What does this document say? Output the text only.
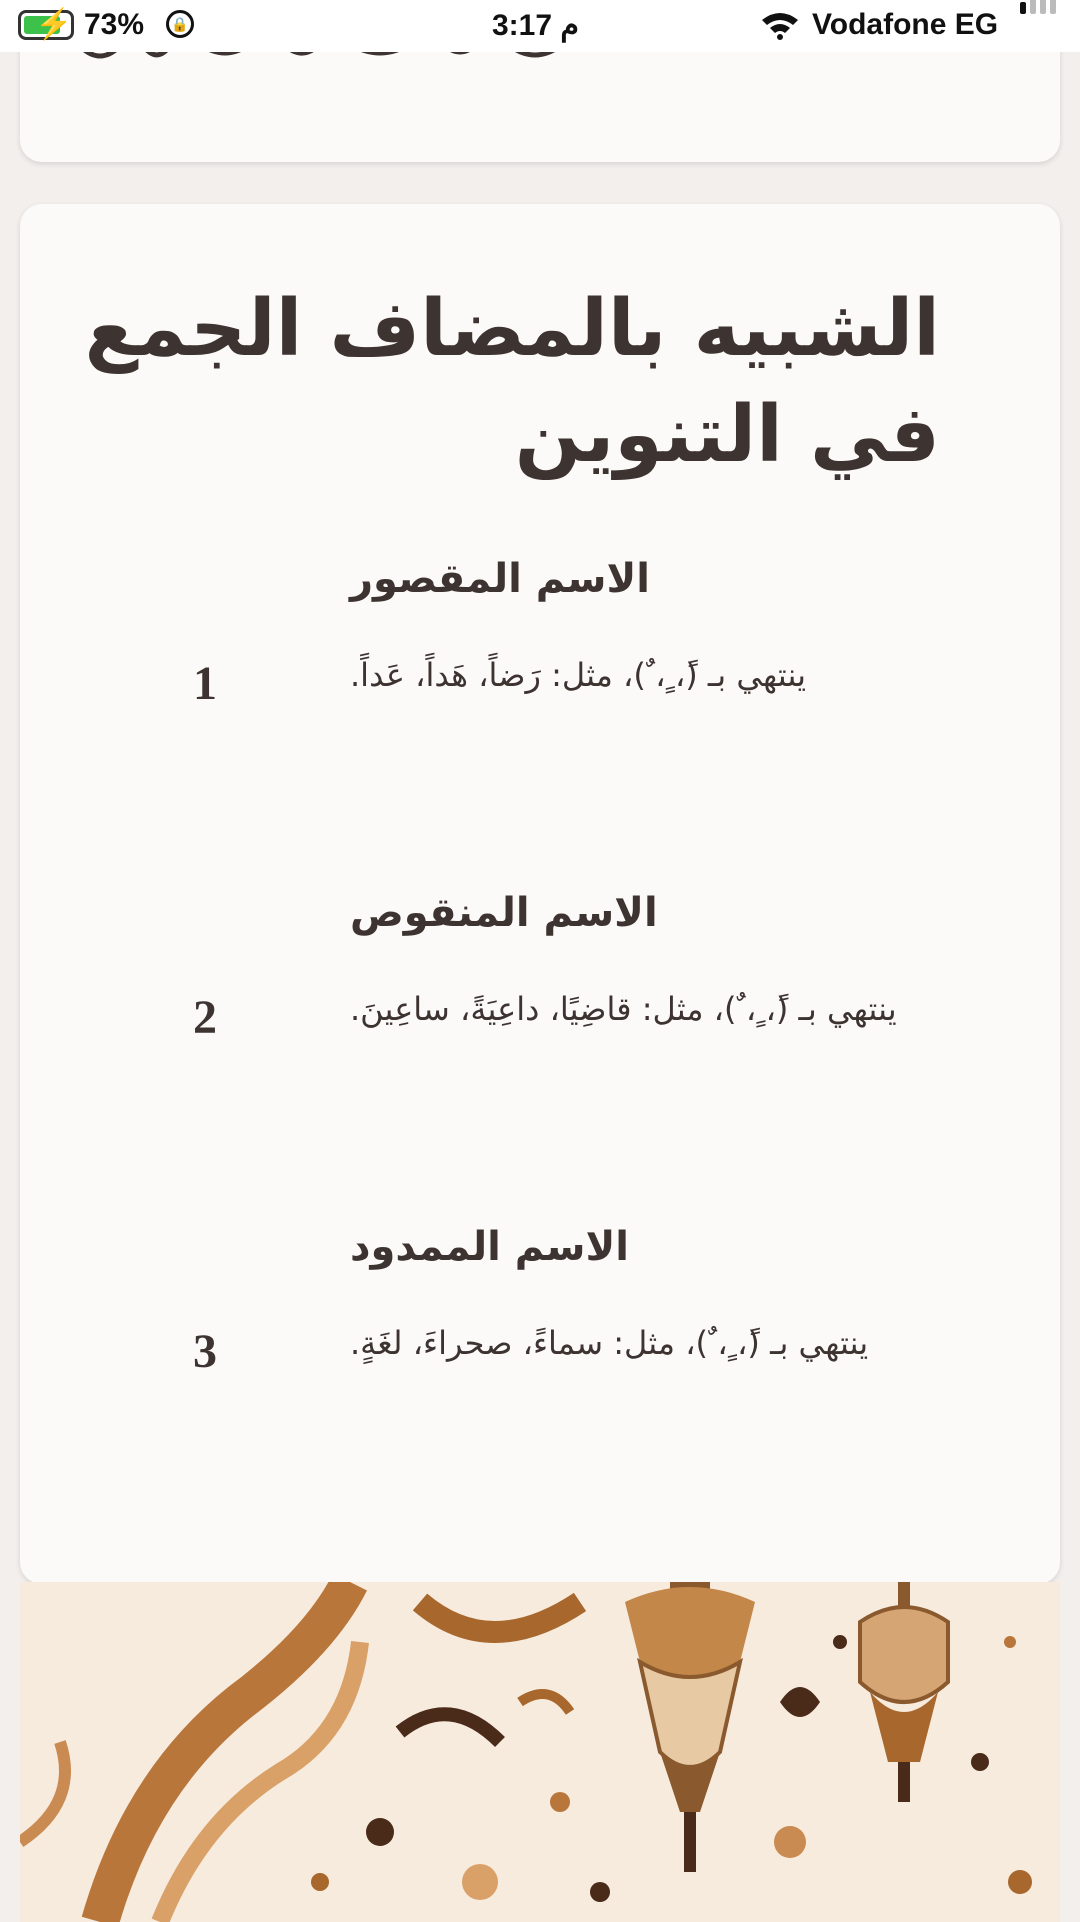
⚡ 73%	🔒	3:17 م	Vodafone EG
الشبيه بالمضاف الجمع في التنوين
الاسم المقصور
1	ينتهي بـ (ً، ٍ، ٌ)، مثل: رَضاً، هَداً، عَداً.
الاسم المنقوص
2	ينتهي بـ (ً، ٍ، ٌ)، مثل: قاضِيًا، داعِيَةً، ساعِينَ.
الاسم الممدود
3	ينتهي بـ (ً، ٍ، ٌ)، مثل: سماءً، صحراءَ، لغَةٍ.
